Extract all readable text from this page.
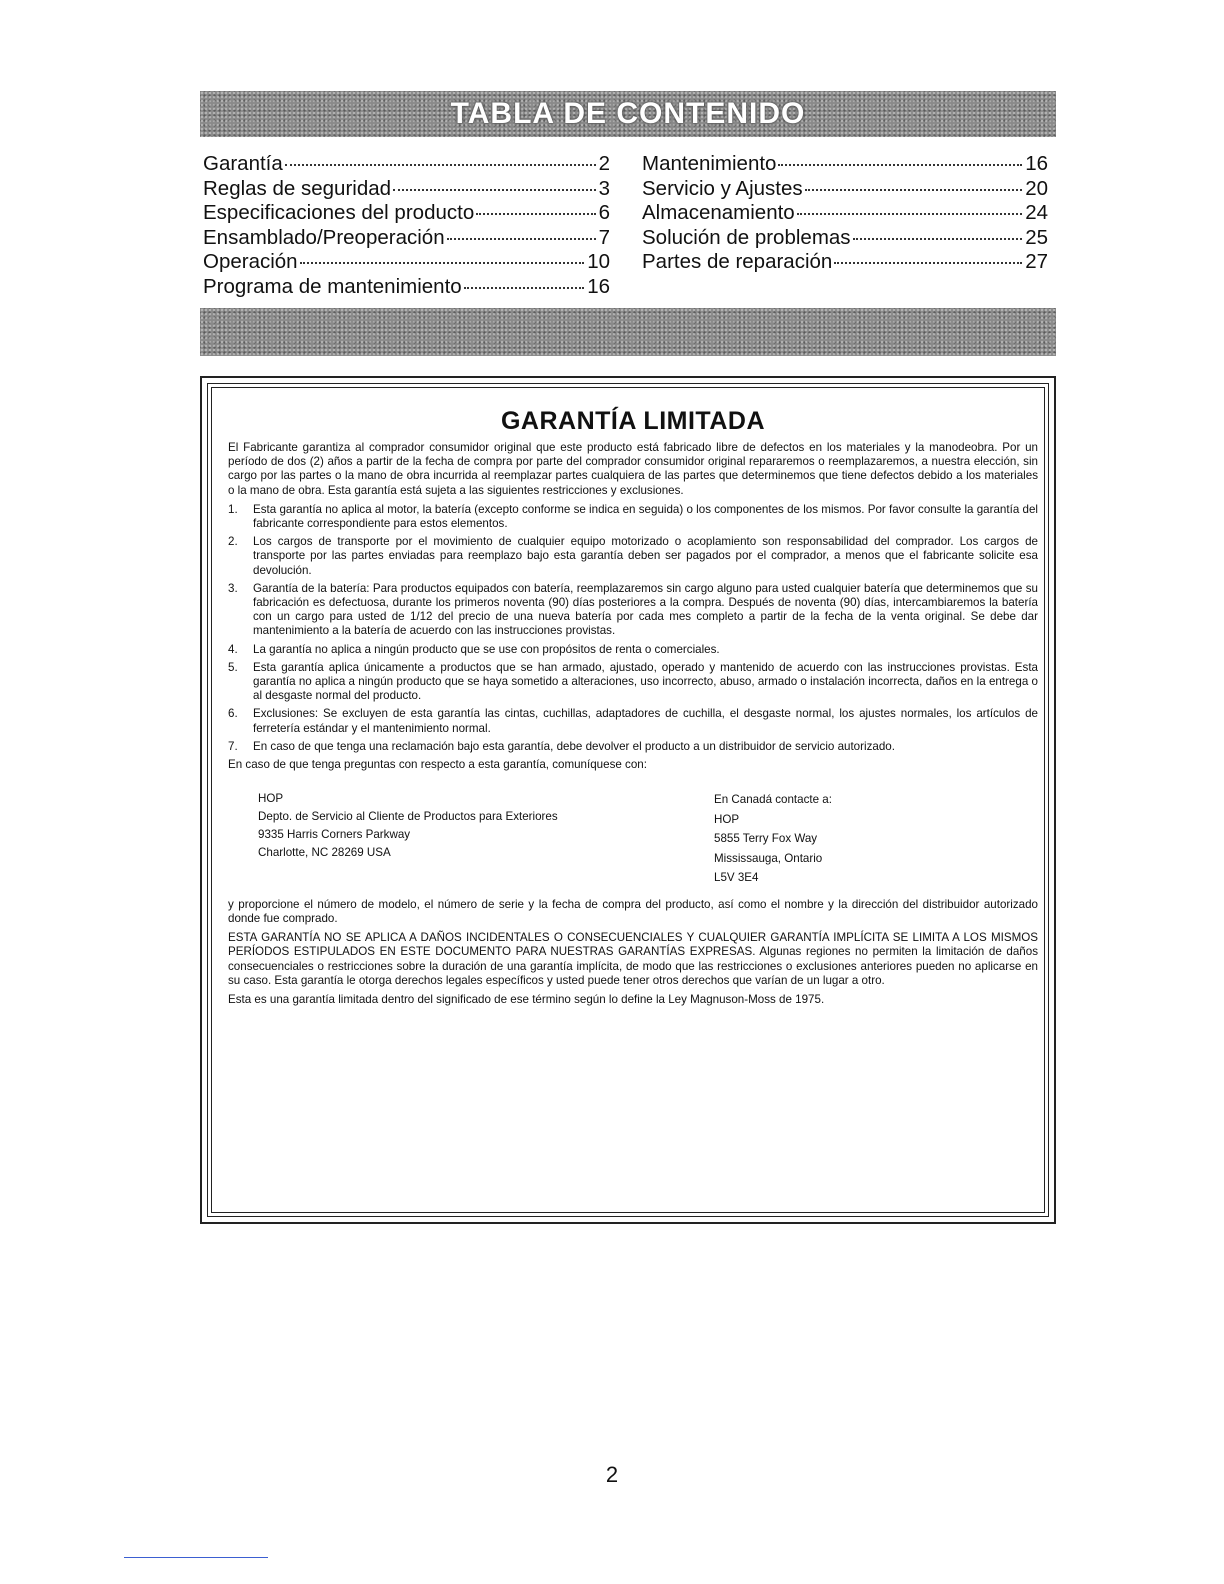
TABLA DE CONTENIDO
Garantía	2
Reglas de seguridad	3
Especificaciones del producto	6
Ensamblado/Preoperación	7
Operación	10
Programa de mantenimiento	16
Mantenimiento	16
Servicio y Ajustes	20
Almacenamiento	24
Solución de problemas	25
Partes de reparación	27
GARANTÍA LIMITADA

El Fabricante garantiza al comprador consumidor original que este producto está fabricado libre de defectos en los materiales y la manodeobra. Por un período de dos (2) años a partir de la fecha de compra por parte del comprador consumidor original repararemos o reemplazaremos, a nuestra elección, sin cargo por las partes o la mano de obra incurrida al reemplazar partes cualquiera de las partes que determinemos que tiene defectos debido a los materiales o la mano de obra. Esta garantía está sujeta a las siguientes restricciones y exclusiones.

1.	Esta garantía no aplica al motor, la batería (excepto conforme se indica en seguida) o los componentes de los mismos. Por favor consulte la garantía del fabricante correspondiente para estos elementos.
2.	Los cargos de transporte por el movimiento de cualquier equipo motorizado o acoplamiento son responsabilidad del comprador. Los cargos de transporte por las partes enviadas para reemplazo bajo esta garantía deben ser pagados por el comprador, a menos que el fabricante solicite esa devolución.
3.	Garantía de la batería: Para productos equipados con batería, reemplazaremos sin cargo alguno para usted cualquier batería que determinemos que su fabricación es defectuosa, durante los primeros noventa (90) días posteriores a la compra. Después de noventa (90) días, intercambiaremos la batería con un cargo para usted de 1/12 del precio de una nueva batería por cada mes completo a partir de la fecha de la venta original. Se debe dar mantenimiento a la batería de acuerdo con las instrucciones provistas.
4.	La garantía no aplica a ningún producto que se use con propósitos de renta o comerciales.
5.	Esta garantía aplica únicamente a productos que se han armado, ajustado, operado y mantenido de acuerdo con las instrucciones provistas. Esta garantía no aplica a ningún producto que se haya sometido a alteraciones, uso incorrecto, abuso, armado o instalación incorrecta, daños en la entrega o al desgaste normal del producto.
6.	Exclusiones: Se excluyen de esta garantía las cintas, cuchillas, adaptadores de cuchilla, el desgaste normal, los ajustes normales, los artículos de ferretería estándar y el mantenimiento normal.
7.	En caso de que tenga una reclamación bajo esta garantía, debe devolver el producto a un distribuidor de servicio autorizado.

En caso de que tenga preguntas con respecto a esta garantía, comuníquese con:

HOP
Depto. de Servicio al Cliente de Productos para Exteriores
9335 Harris Corners Parkway
Charlotte, NC 28269 USA
En Canadá contacte a:
HOP
5855 Terry Fox Way
Mississauga, Ontario
L5V 3E4

y proporcione el número de modelo, el número de serie y la fecha de compra del producto, así como el nombre y la dirección del distribuidor autorizado donde fue comprado.

ESTA GARANTÍA NO SE APLICA A DAÑOS INCIDENTALES O CONSECUENCIALES Y CUALQUIER GARANTÍA IMPLÍCITA SE LIMITA A LOS MISMOS PERÍODOS ESTIPULADOS EN ESTE DOCUMENTO PARA NUESTRAS GARANTÍAS EXPRESAS. Algunas regiones no permiten la limitación de daños consecuenciales o restricciones sobre la duración de una garantía implícita, de modo que las restricciones o exclusiones anteriores pueden no aplicarse en su caso. Esta garantía le otorga derechos legales específicos y usted puede tener otros derechos que varían de un lugar a otro.

Esta es una garantía limitada dentro del significado de ese término según lo define la Ley Magnuson-Moss de 1975.

2
